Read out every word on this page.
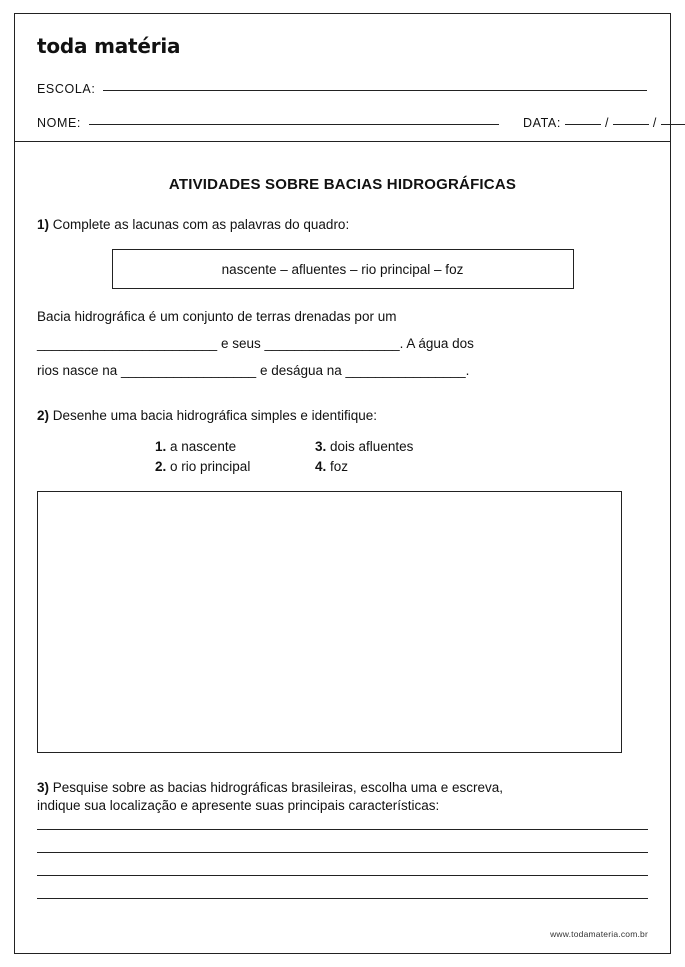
toda matéria
ESCOLA:
NOME:	DATA:	/	/
ATIVIDADES SOBRE BACIAS HIDROGRÁFICAS
1) Complete as lacunas com as palavras do quadro:
nascente – afluentes – rio principal – foz
Bacia hidrográfica é um conjunto de terras drenadas por um
________________________ e seus __________________. A água dos
rios nasce na __________________ e deságua na ________________.
2) Desenhe uma bacia hidrográfica simples e identifique:
1. a nascente	3. dois afluentes
2. o rio principal	4. foz
3) Pesquise sobre as bacias hidrográficas brasileiras, escolha uma e escreva,
indique sua localização e apresente suas principais características:
www.todamateria.com.br
